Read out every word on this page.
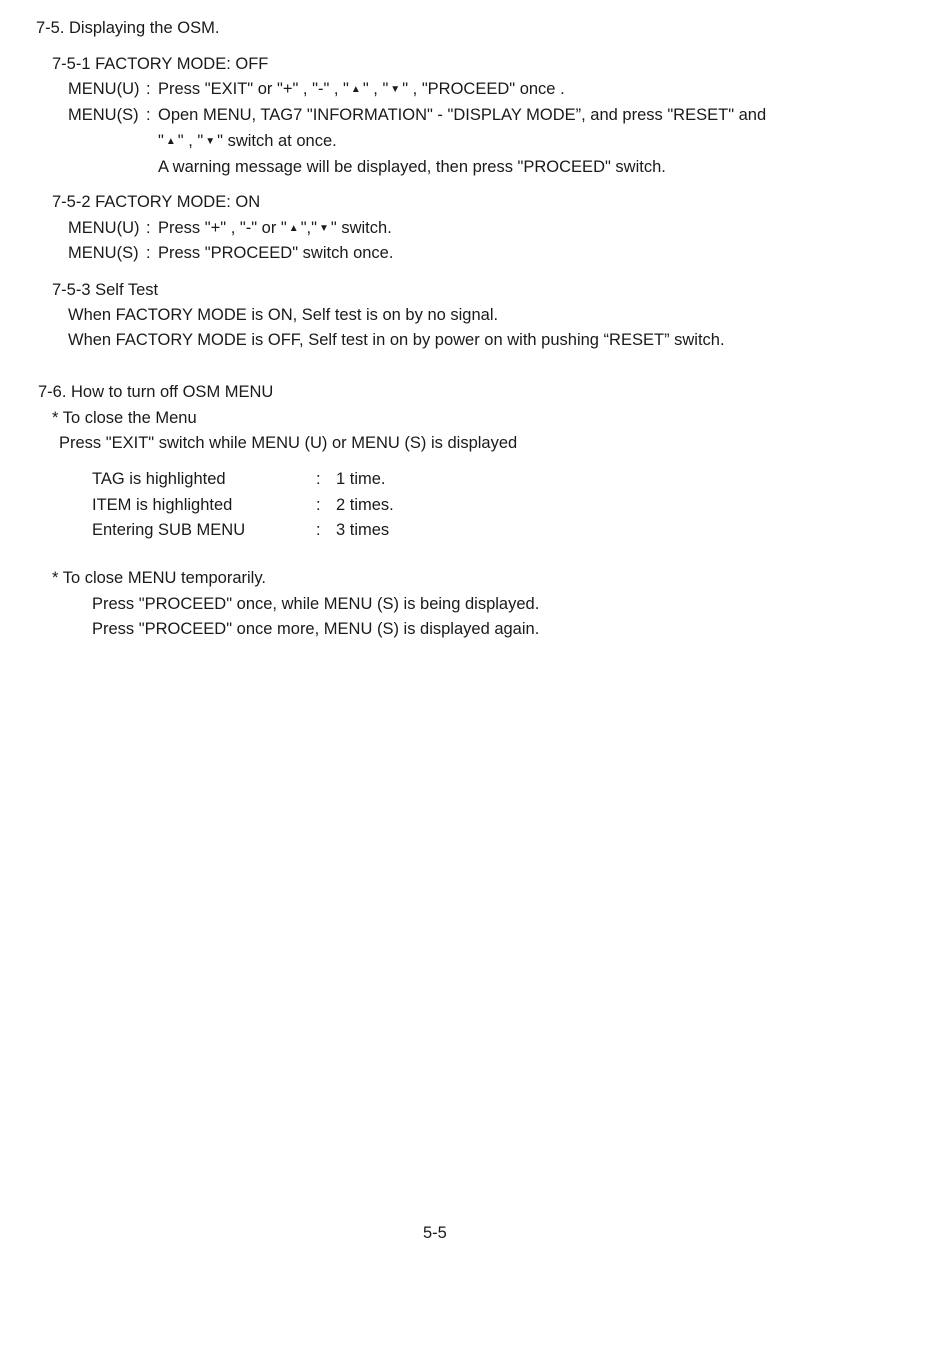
7-5. Displaying the OSM.
7-5-1 FACTORY MODE: OFF
MENU(U) : Press "EXIT" or "+" , "-" , " ▲ " , " ▼ " , "PROCEED" once .
MENU(S) : Open MENU, TAG7 "INFORMATION" - "DISPLAY MODE”, and press "RESET" and
" ▲ " , " ▼ " switch at once.
A warning message will be displayed, then press "PROCEED" switch.
7-5-2 FACTORY MODE: ON
MENU(U) : Press "+" , "-" or " ▲ "," ▼ " switch.
MENU(S) : Press "PROCEED" switch once.
7-5-3 Self Test
When FACTORY MODE is ON, Self test is on by no signal.
When FACTORY MODE is OFF, Self test in on by power on with pushing “RESET” switch.
7-6. How to turn off OSM MENU
* To close the Menu
Press "EXIT" switch while MENU (U) or MENU (S) is displayed
TAG is highlighted	: 1 time.
ITEM is highlighted	: 2 times.
Entering SUB MENU	: 3 times
* To close MENU temporarily.
Press "PROCEED" once, while MENU (S) is being displayed.
Press "PROCEED" once more, MENU (S) is displayed again.
5-5
